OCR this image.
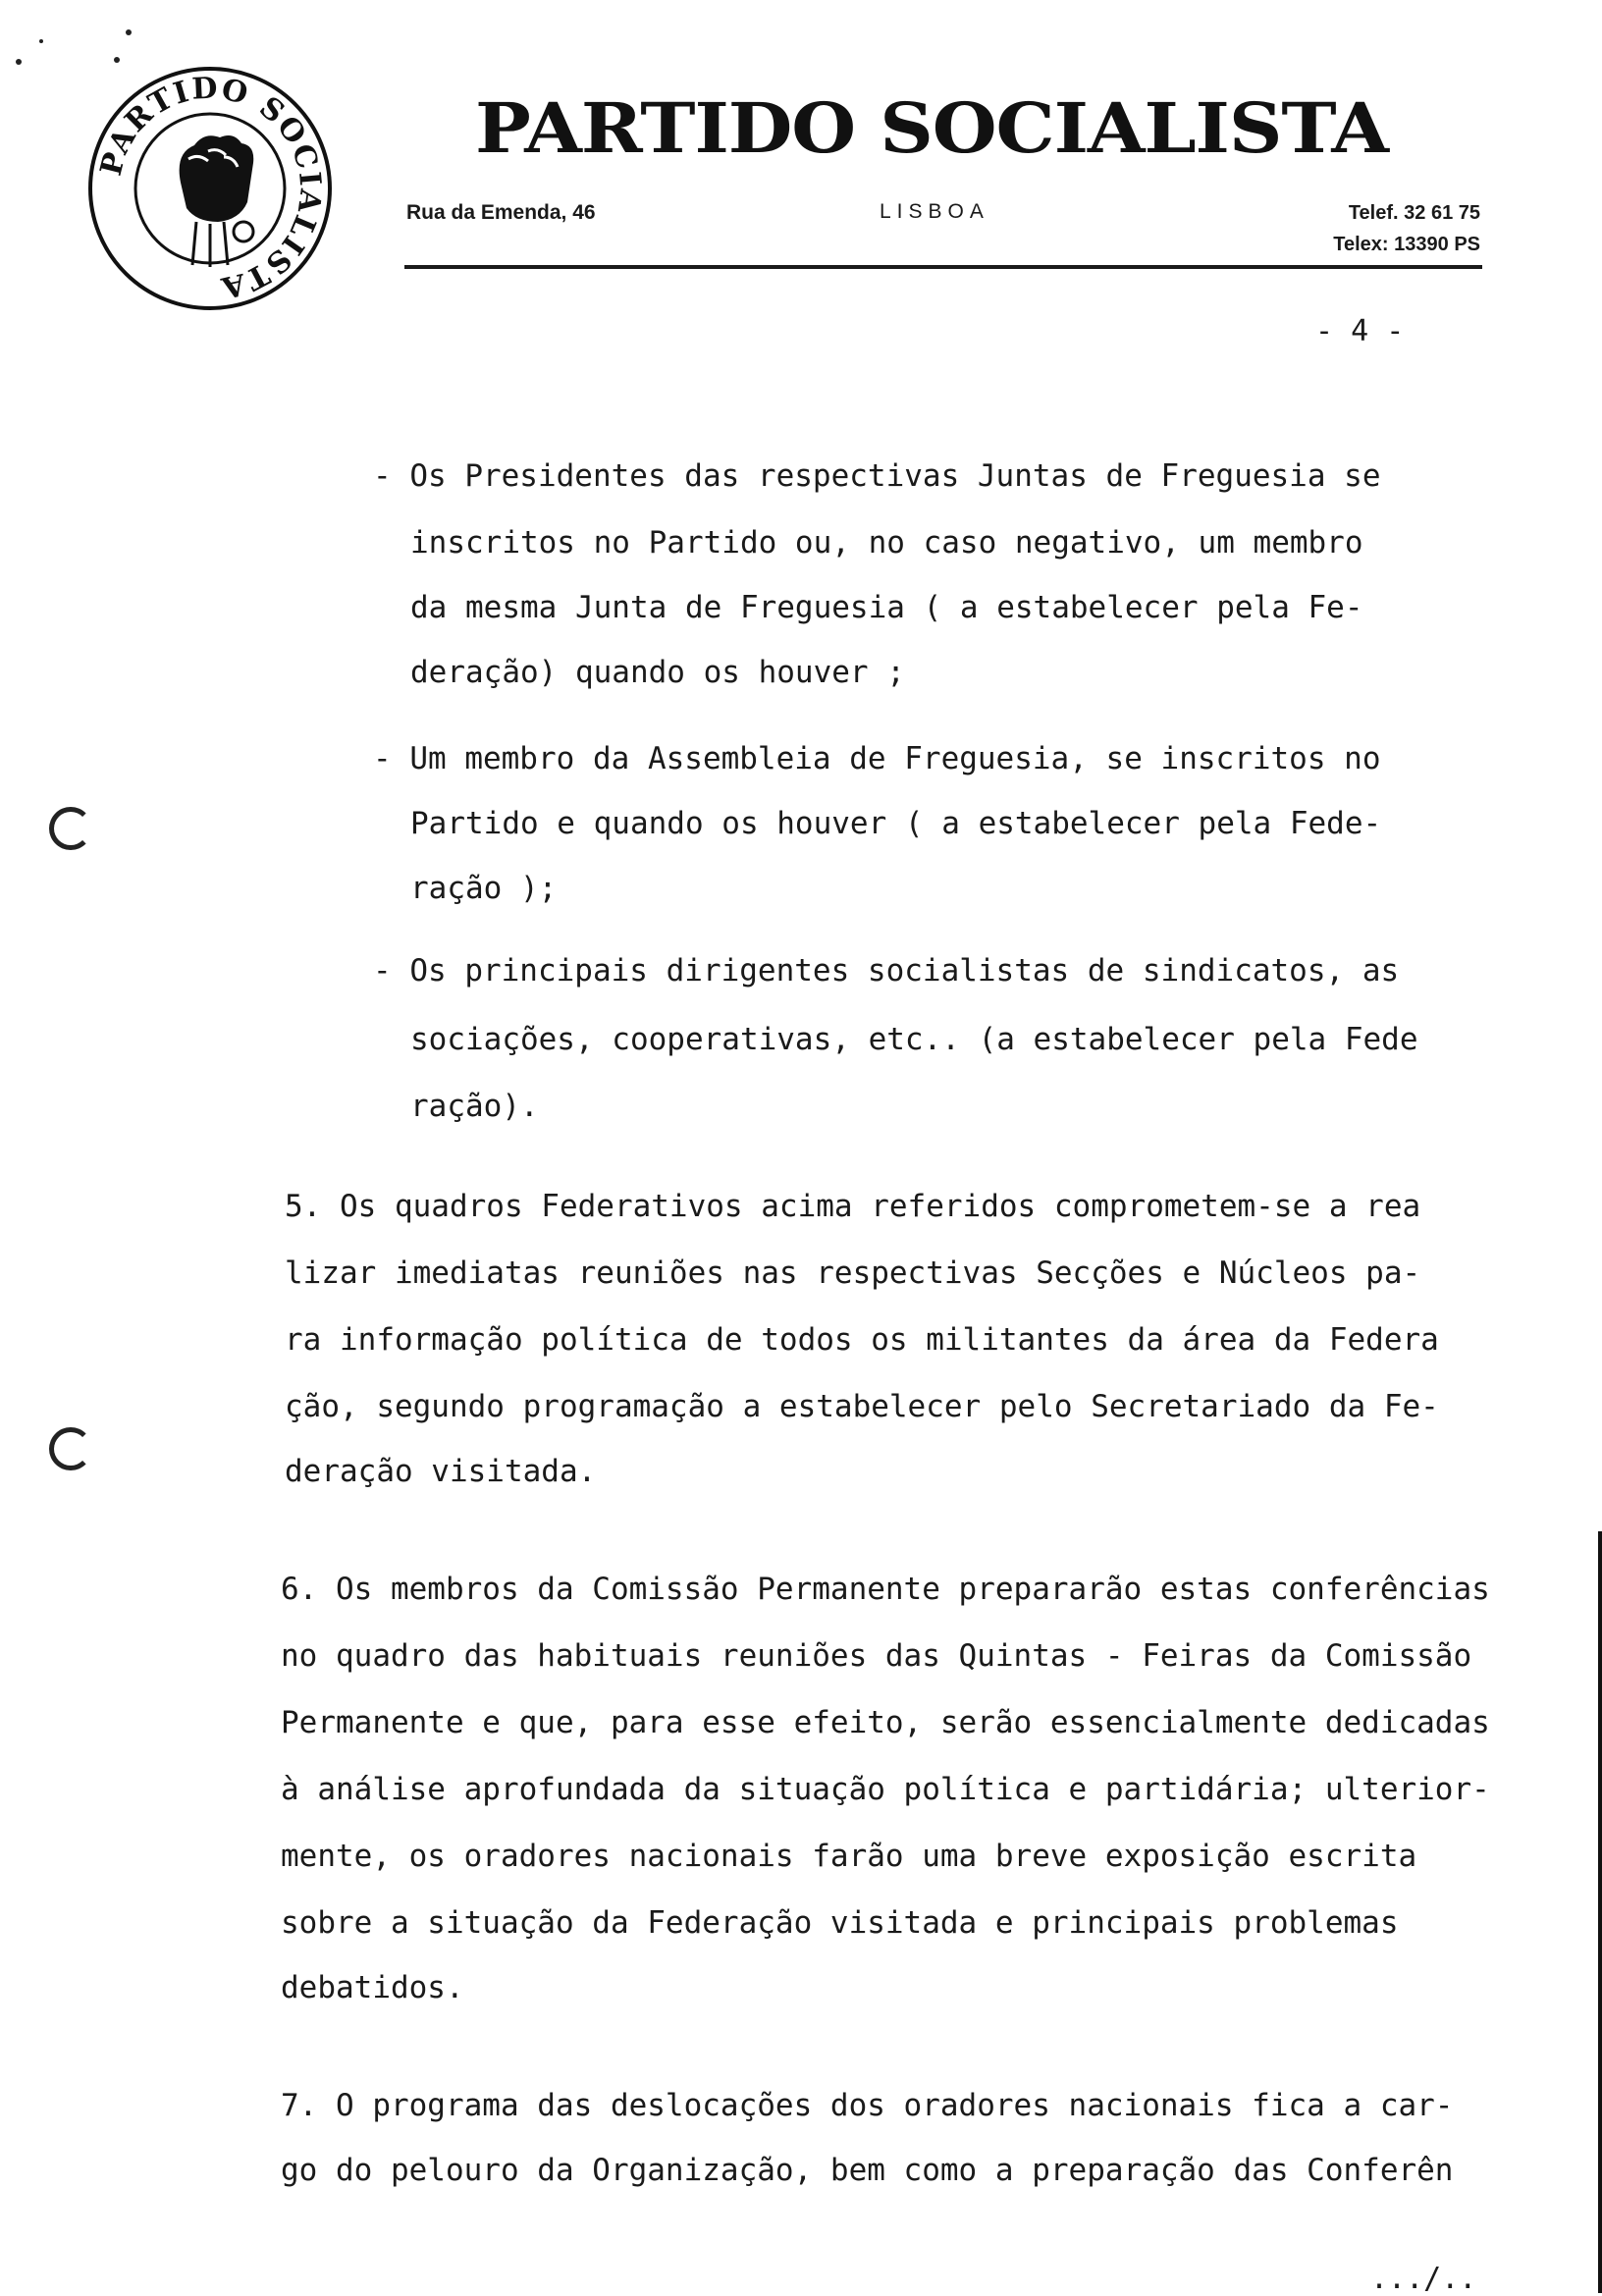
PARTIDO SOCIALISTA
PARTIDO SOCIALISTA
Rua da Emenda, 46	LISBOA	Telef. 32 61 75
Telex: 13390 PS
- 4 -
- Os Presidentes das respectivas Juntas de Freguesia se
inscritos no Partido ou, no caso negativo, um membro
da mesma Junta de Freguesia ( a estabelecer pela Fe-
deração) quando os houver ;
- Um membro da Assembleia de Freguesia, se inscritos no
Partido e quando os houver ( a estabelecer pela Fede-
ração );
- Os principais dirigentes socialistas de sindicatos, as
sociações, cooperativas, etc.. (a estabelecer pela Fede
ração).
5. Os quadros Federativos acima referidos comprometem-se a rea
lizar imediatas reuniões nas respectivas Secções e Núcleos pa-
ra informação política de todos os militantes da área da Federa
ção, segundo programação a estabelecer pelo Secretariado da Fe-
deração visitada.
6. Os membros da Comissão Permanente prepararão estas conferências
no quadro das habituais reuniões das Quintas - Feiras da Comissão
Permanente e que, para esse efeito, serão essencialmente dedicadas
à análise aprofundada da situação política e partidária; ulterior-
mente, os oradores nacionais farão uma breve exposição escrita
sobre a situação da Federação visitada e principais problemas
debatidos.
7. O programa das deslocações dos oradores nacionais fica a car-
go do pelouro da Organização, bem como a preparação das Conferên
.../..
